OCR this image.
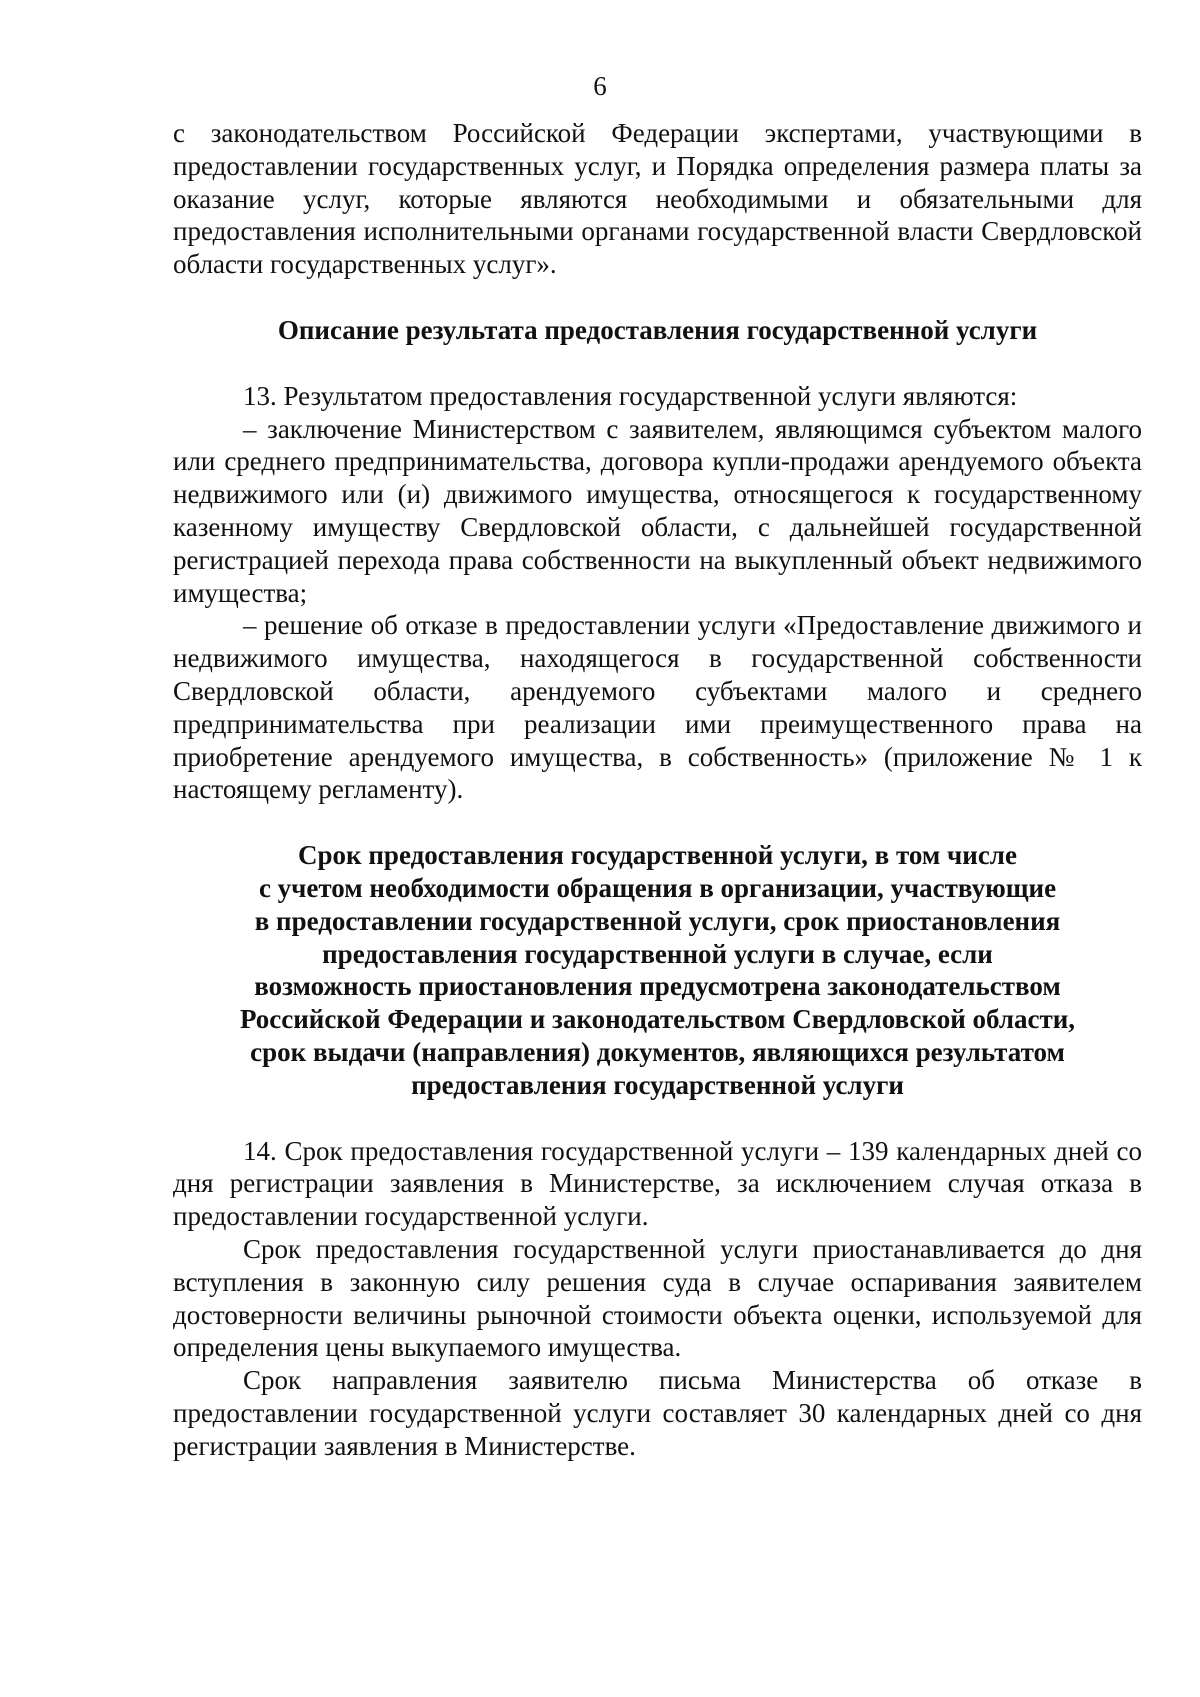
6

с законодательством Российской Федерации экспертами, участвующими в предоставлении государственных услуг, и Порядка определения размера платы за оказание услуг, которые являются необходимыми и обязательными для предоставления исполнительными органами государственной власти Свердловской области государственных услуг».

Описание результата предоставления государственной услуги

13. Результатом предоставления государственной услуги являются:

– заключение Министерством с заявителем, являющимся субъектом малого или среднего предпринимательства, договора купли-продажи арендуемого объекта недвижимого или (и) движимого имущества, относящегося к государственному казенному имуществу Свердловской области, с дальнейшей государственной регистрацией перехода права собственности на выкупленный объект недвижимого имущества;

– решение об отказе в предоставлении услуги «Предоставление движимого и недвижимого имущества, находящегося в государственной собственности Свердловской области, арендуемого субъектами малого и среднего предпринимательства при реализации ими преимущественного права на приобретение арендуемого имущества, в собственность» (приложение № 1 к настоящему регламенту).

Срок предоставления государственной услуги, в том числе
с учетом необходимости обращения в организации, участвующие
в предоставлении государственной услуги, срок приостановления
предоставления государственной услуги в случае, если
возможность приостановления предусмотрена законодательством
Российской Федерации и законодательством Свердловской области,
срок выдачи (направления) документов, являющихся результатом
предоставления государственной услуги

14. Срок предоставления государственной услуги – 139 календарных дней со дня регистрации заявления в Министерстве, за исключением случая отказа в предоставлении государственной услуги.

Срок предоставления государственной услуги приостанавливается до дня вступления в законную силу решения суда в случае оспаривания заявителем достоверности величины рыночной стоимости объекта оценки, используемой для определения цены выкупаемого имущества.

Срок направления заявителю письма Министерства об отказе в предоставлении государственной услуги составляет 30 календарных дней со дня регистрации заявления в Министерстве.
